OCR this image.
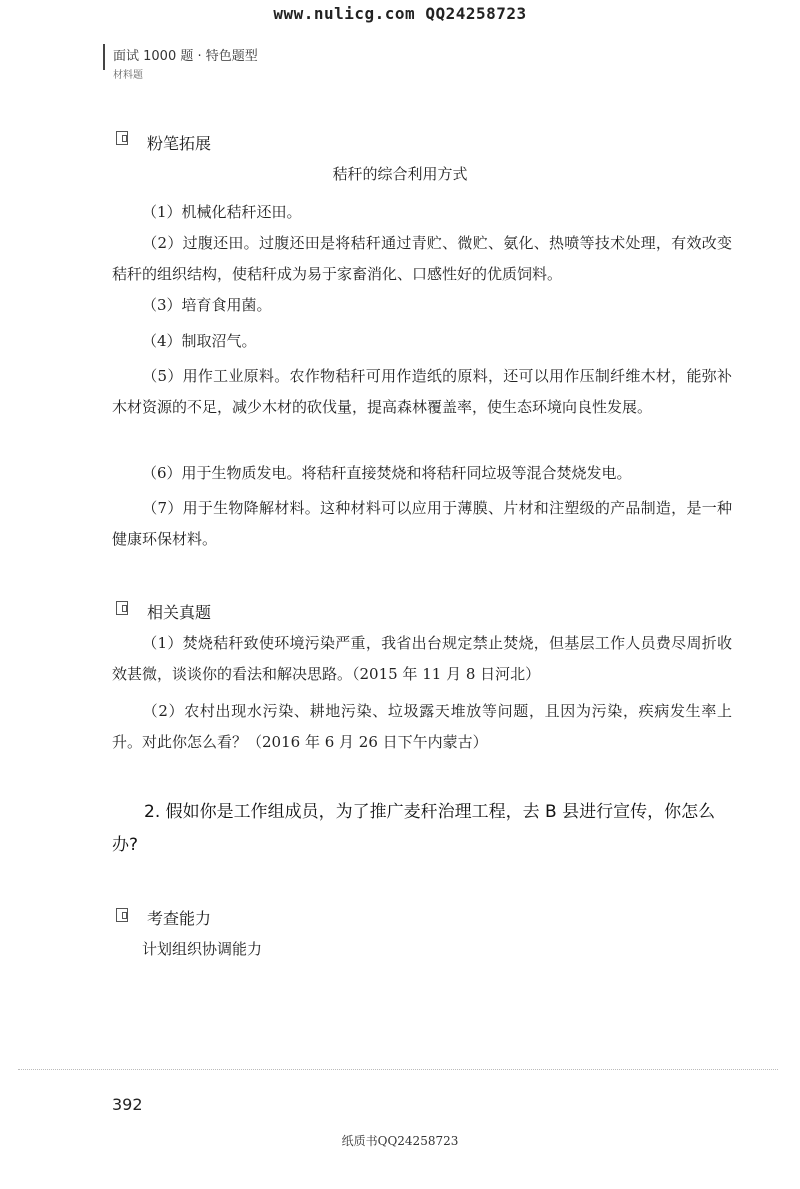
www.nulicg.com QQ24258723
面试 1000 题 · 特色题型
材料题
粉笔拓展
秸秆的综合利用方式
（1）机械化秸秆还田。
（2）过腹还田。过腹还田是将秸秆通过青贮、微贮、氨化、热喷等技术处理，有效改变秸秆的组织结构，使秸秆成为易于家畜消化、口感性好的优质饲料。
（3）培育食用菌。
（4）制取沼气。
（5）用作工业原料。农作物秸秆可用作造纸的原料，还可以用作压制纤维木材，能弥补木材资源的不足，减少木材的砍伐量，提高森林覆盖率，使生态环境向良性发展。
（6）用于生物质发电。将秸秆直接焚烧和将秸秆同垃圾等混合焚烧发电。
（7）用于生物降解材料。这种材料可以应用于薄膜、片材和注塑级的产品制造，是一种健康环保材料。
相关真题
（1）焚烧秸秆致使环境污染严重，我省出台规定禁止焚烧，但基层工作人员费尽周折收效甚微，谈谈你的看法和解决思路。（2015 年 11 月 8 日河北）
（2）农村出现水污染、耕地污染、垃圾露天堆放等问题，且因为污染，疾病发生率上升。对此你怎么看？（2016 年 6 月 26 日下午内蒙古）
2. 假如你是工作组成员，为了推广麦秆治理工程，去 B 县进行宣传，你怎么办?
考查能力
计划组织协调能力
392
纸质书QQ24258723
